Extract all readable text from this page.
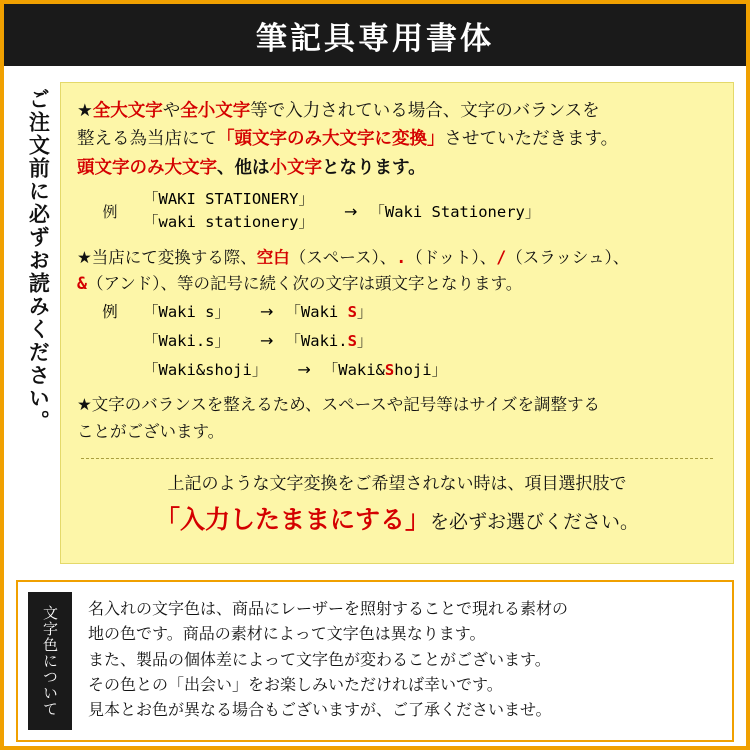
筆記具専用書体
ご注文前に必ずお読みください。 ★全大文字や全小文字等で入力されている場合、文字のバランスを

整える為当店にて「頭文字のみ大文字に変換」させていただきます。

頭文字のみ大文字、他は小文字となります。

例
「WAKI STATIONERY」
「waki stationery」
→ 「Waki Stationery」

★当店にて変換する際、空白（スペース）、.（ドット）、/（スラッシュ）、

&（アンド）、等の記号に続く次の文字は頭文字となります。

例 「Waki s」 → 「Waki S」
「Waki.s」 → 「Waki.S」
「Waki&shoji」 → 「Waki&Shoji」

★文字のバランスを整えるため、スペースや記号等はサイズを調整する

ことがございます。

上記のような文字変換をご希望されない時は、項目選択肢で

「入力したままにする」を必ずお選びください。

文字色について 名入れの文字色は、商品にレーザーを照射することで現れる素材の

地の色です。商品の素材によって文字色は異なります。

また、製品の個体差によって文字色が変わることがございます。

その色との「出会い」をお楽しみいただければ幸いです。

見本とお色が異なる場合もございますが、ご了承くださいませ。
